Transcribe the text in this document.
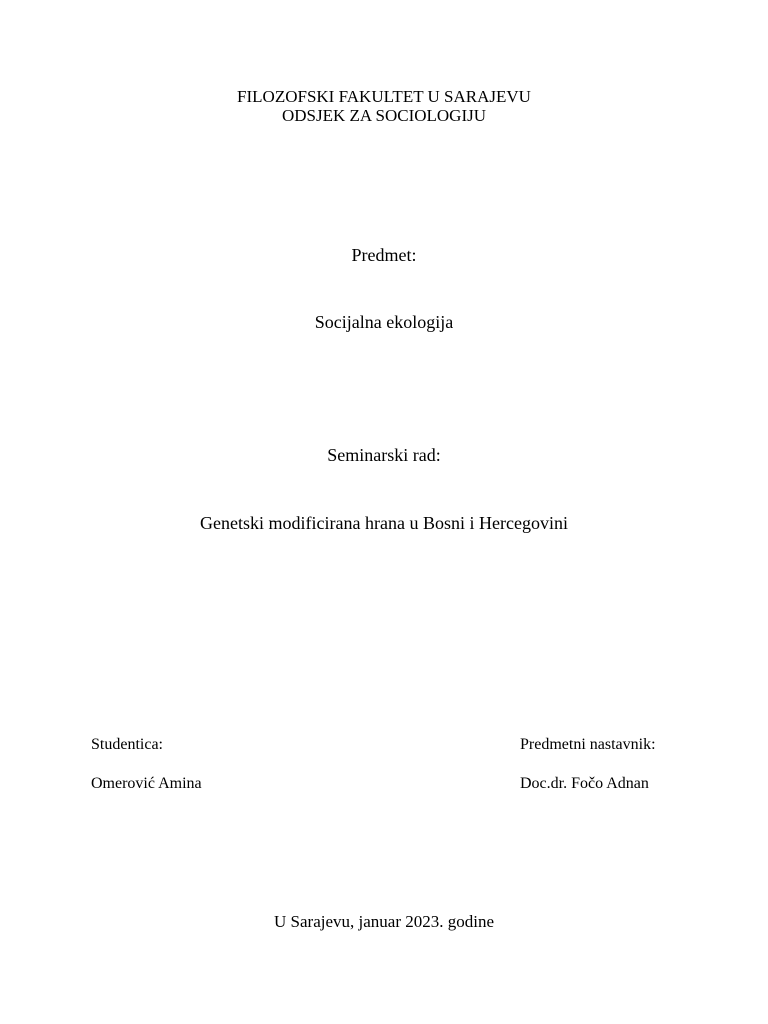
FILOZOFSKI FAKULTET U SARAJEVU
ODSJEK ZA SOCIOLOGIJU
Predmet:
Socijalna ekologija
Seminarski rad:
Genetski modificirana hrana u Bosni i Hercegovini
Studentica:
Omerović Amina
Predmetni nastavnik:
Doc.dr. Fočo Adnan
U Sarajevu, januar 2023. godine
